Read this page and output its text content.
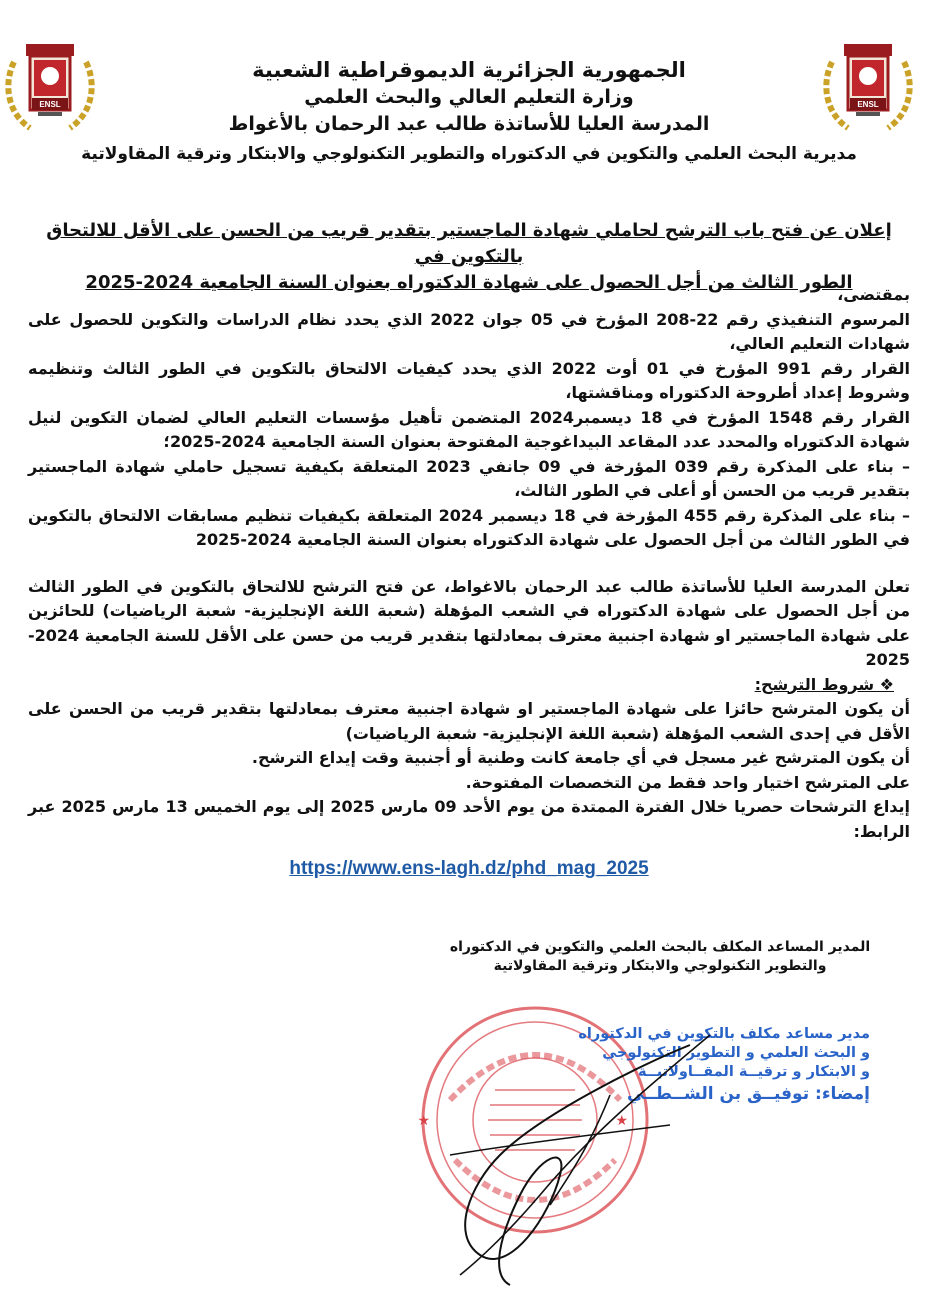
ENSL
ENSL
الجمهورية الجزائرية الديموقراطية الشعبية
وزارة التعليم العالي والبحث العلمي
المدرسة العليا للأساتذة طالب عبد الرحمان بالأغواط
مديرية البحث العلمي والتكوين في الدكتوراه والتطوير التكنولوجي والابتكار وترقية المقاولاتية
إعلان عن فتح باب الترشح لحاملي شهادة الماجستير بتقدير قريب من الحسن على الأقل للالتحاق بالتكوين في
الطور الثالث من أجل الحصول على شهادة الدكتوراه بعنوان السنة الجامعية 2024-2025

بمقتضى،

المرسوم التنفيذي رقم 22-208 المؤرخ في 05 جوان 2022 الذي يحدد نظام الدراسات والتكوين للحصول على شهادات التعليم العالي،

القرار رقم 991 المؤرخ في 01 أوت 2022 الذي يحدد كيفيات الالتحاق بالتكوين في الطور الثالث وتنظيمه وشروط إعداد أطروحة الدكتوراه ومناقشتها،

القرار رقم 1548 المؤرخ في 18 ديسمبر2024 المتضمن تأهيل مؤسسات التعليم العالي لضمان التكوين لنيل شهادة الدكتوراه والمحدد عدد المقاعد البيداغوجية المفتوحة بعنوان السنة الجامعية 2024-2025؛

– بناء على المذكرة رقم 039 المؤرخة في 09 جانفي 2023 المتعلقة بكيفية تسجيل حاملي شهادة الماجستير بتقدير قريب من الحسن أو أعلى في الطور الثالث،

– بناء على المذكرة رقم 455 المؤرخة في 18 ديسمبر 2024 المتعلقة بكيفيات تنظيم مسابقات الالتحاق بالتكوين في الطور الثالث من أجل الحصول على شهادة الدكتوراه بعنوان السنة الجامعية 2024-2025

تعلن المدرسة العليا للأساتذة طالب عبد الرحمان بالاغواط، عن فتح الترشح للالتحاق بالتكوين في الطور الثالث من أجل الحصول على شهادة الدكتوراه في الشعب المؤهلة (شعبة اللغة الإنجليزية- شعبة الرياضيات) للحائزين على شهادة الماجستير او شهادة اجنبية معترف بمعادلتها بتقدير قريب من حسن على الأقل للسنة الجامعية 2024-2025

❖ شروط الترشح:

أن يكون المترشح حائزا على شهادة الماجستير او شهادة اجنبية معترف بمعادلتها بتقدير قريب من الحسن على الأقل في إحدى الشعب المؤهلة (شعبة اللغة الإنجليزية- شعبة الرياضيات)

أن يكون المترشح غير مسجل في أي جامعة كانت وطنية أو أجنبية وقت إيداع الترشح.

على المترشح اختيار واحد فقط من التخصصات المفتوحة.

إيداع الترشحات حصريا خلال الفترة الممتدة من يوم الأحد 09 مارس 2025 إلى يوم الخميس 13 مارس 2025 عبر الرابط:

https://www.ens-lagh.dz/phd_mag_2025
المدير المساعد المكلف بالبحث العلمي والتكوين في الدكتوراه
والتطوير التكنولوجي والابتكار وترقية المقاولاتية
★	★
مدير مساعد مكلف بالتكوين في الدكتوراه
و البحث العلمي و التطوير التكنولوجي
و الابتكار و ترقيــة المقــاولاتيــة
إمضاء: توفيــق بن الشــطــي
